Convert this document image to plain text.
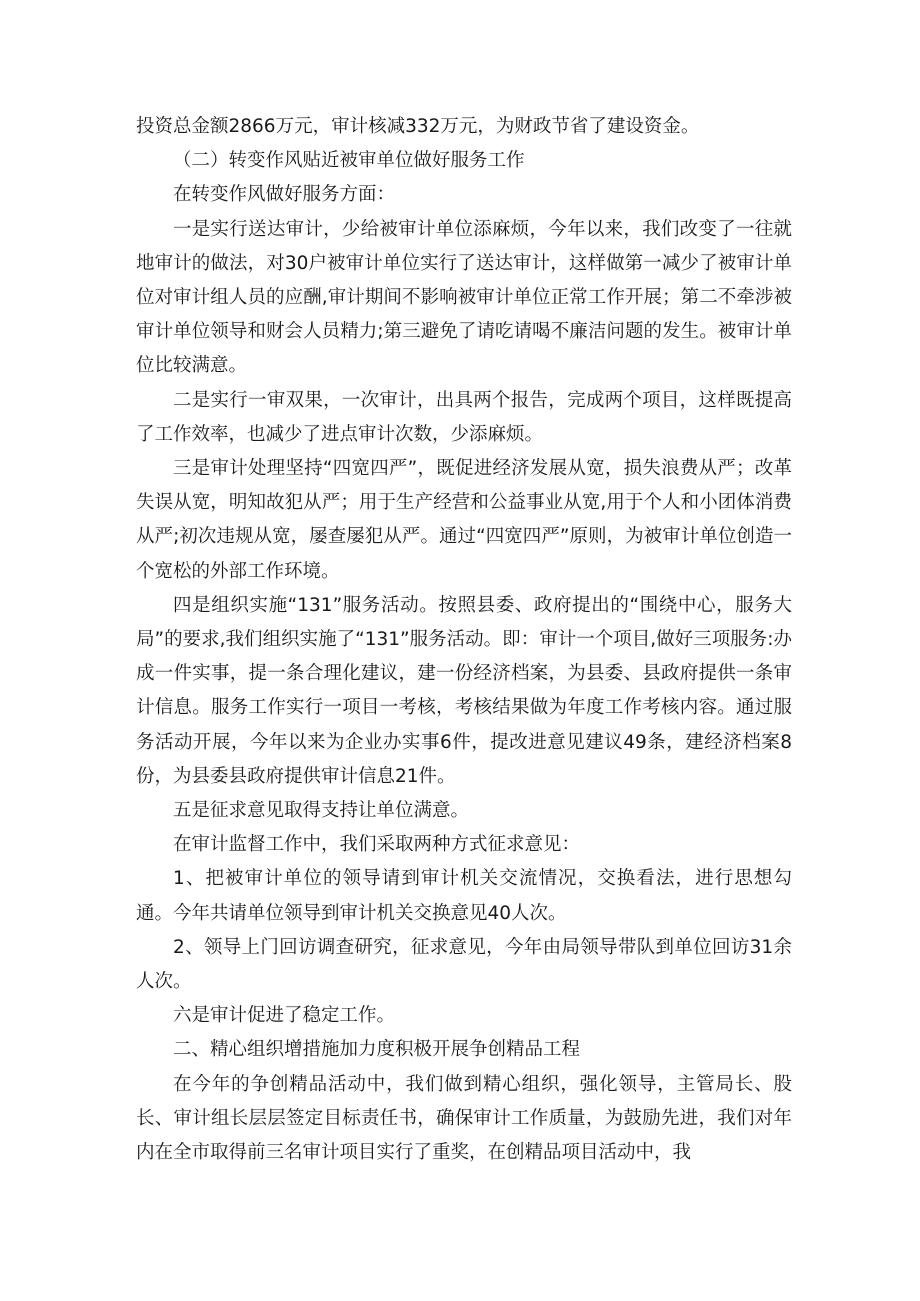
投资总金额2866万元，审计核减332万元，为财政节省了建设资金。

（二）转变作风贴近被审单位做好服务工作

在转变作风做好服务方面：

一是实行送达审计，少给被审计单位添麻烦，今年以来，我们改变了一往就地审计的做法，对30户被审计单位实行了送达审计，这样做第一减少了被审计单位对审计组人员的应酬,审计期间不影响被审计单位正常工作开展；第二不牵涉被审计单位领导和财会人员精力;第三避免了请吃请喝不廉洁问题的发生。被审计单位比较满意。

二是实行一审双果，一次审计，出具两个报告，完成两个项目，这样既提高了工作效率，也减少了进点审计次数，少添麻烦。

三是审计处理坚持“四宽四严”，既促进经济发展从宽，损失浪费从严；改革失误从宽，明知故犯从严；用于生产经营和公益事业从宽,用于个人和小团体消费从严;初次违规从宽，屡查屡犯从严。通过“四宽四严”原则，为被审计单位创造一个宽松的外部工作环境。

四是组织实施“131”服务活动。按照县委、政府提出的“围绕中心，服务大局”的要求,我们组织实施了“131”服务活动。即：审计一个项目,做好三项服务:办成一件实事，提一条合理化建议，建一份经济档案，为县委、县政府提供一条审计信息。服务工作实行一项目一考核，考核结果做为年度工作考核内容。通过服务活动开展，今年以来为企业办实事6件，提改进意见建议49条，建经济档案8份，为县委县政府提供审计信息21件。

五是征求意见取得支持让单位满意。

在审计监督工作中，我们采取两种方式征求意见：

1、把被审计单位的领导请到审计机关交流情况，交换看法，进行思想勾通。今年共请单位领导到审计机关交换意见40人次。

2、领导上门回访调查研究，征求意见，今年由局领导带队到单位回访31余人次。

六是审计促进了稳定工作。

二、精心组织增措施加力度积极开展争创精品工程

在今年的争创精品活动中，我们做到精心组织，强化领导，主管局长、股长、审计组长层层签定目标责任书，确保审计工作质量，为鼓励先进，我们对年内在全市取得前三名审计项目实行了重奖，在创精品项目活动中，我
